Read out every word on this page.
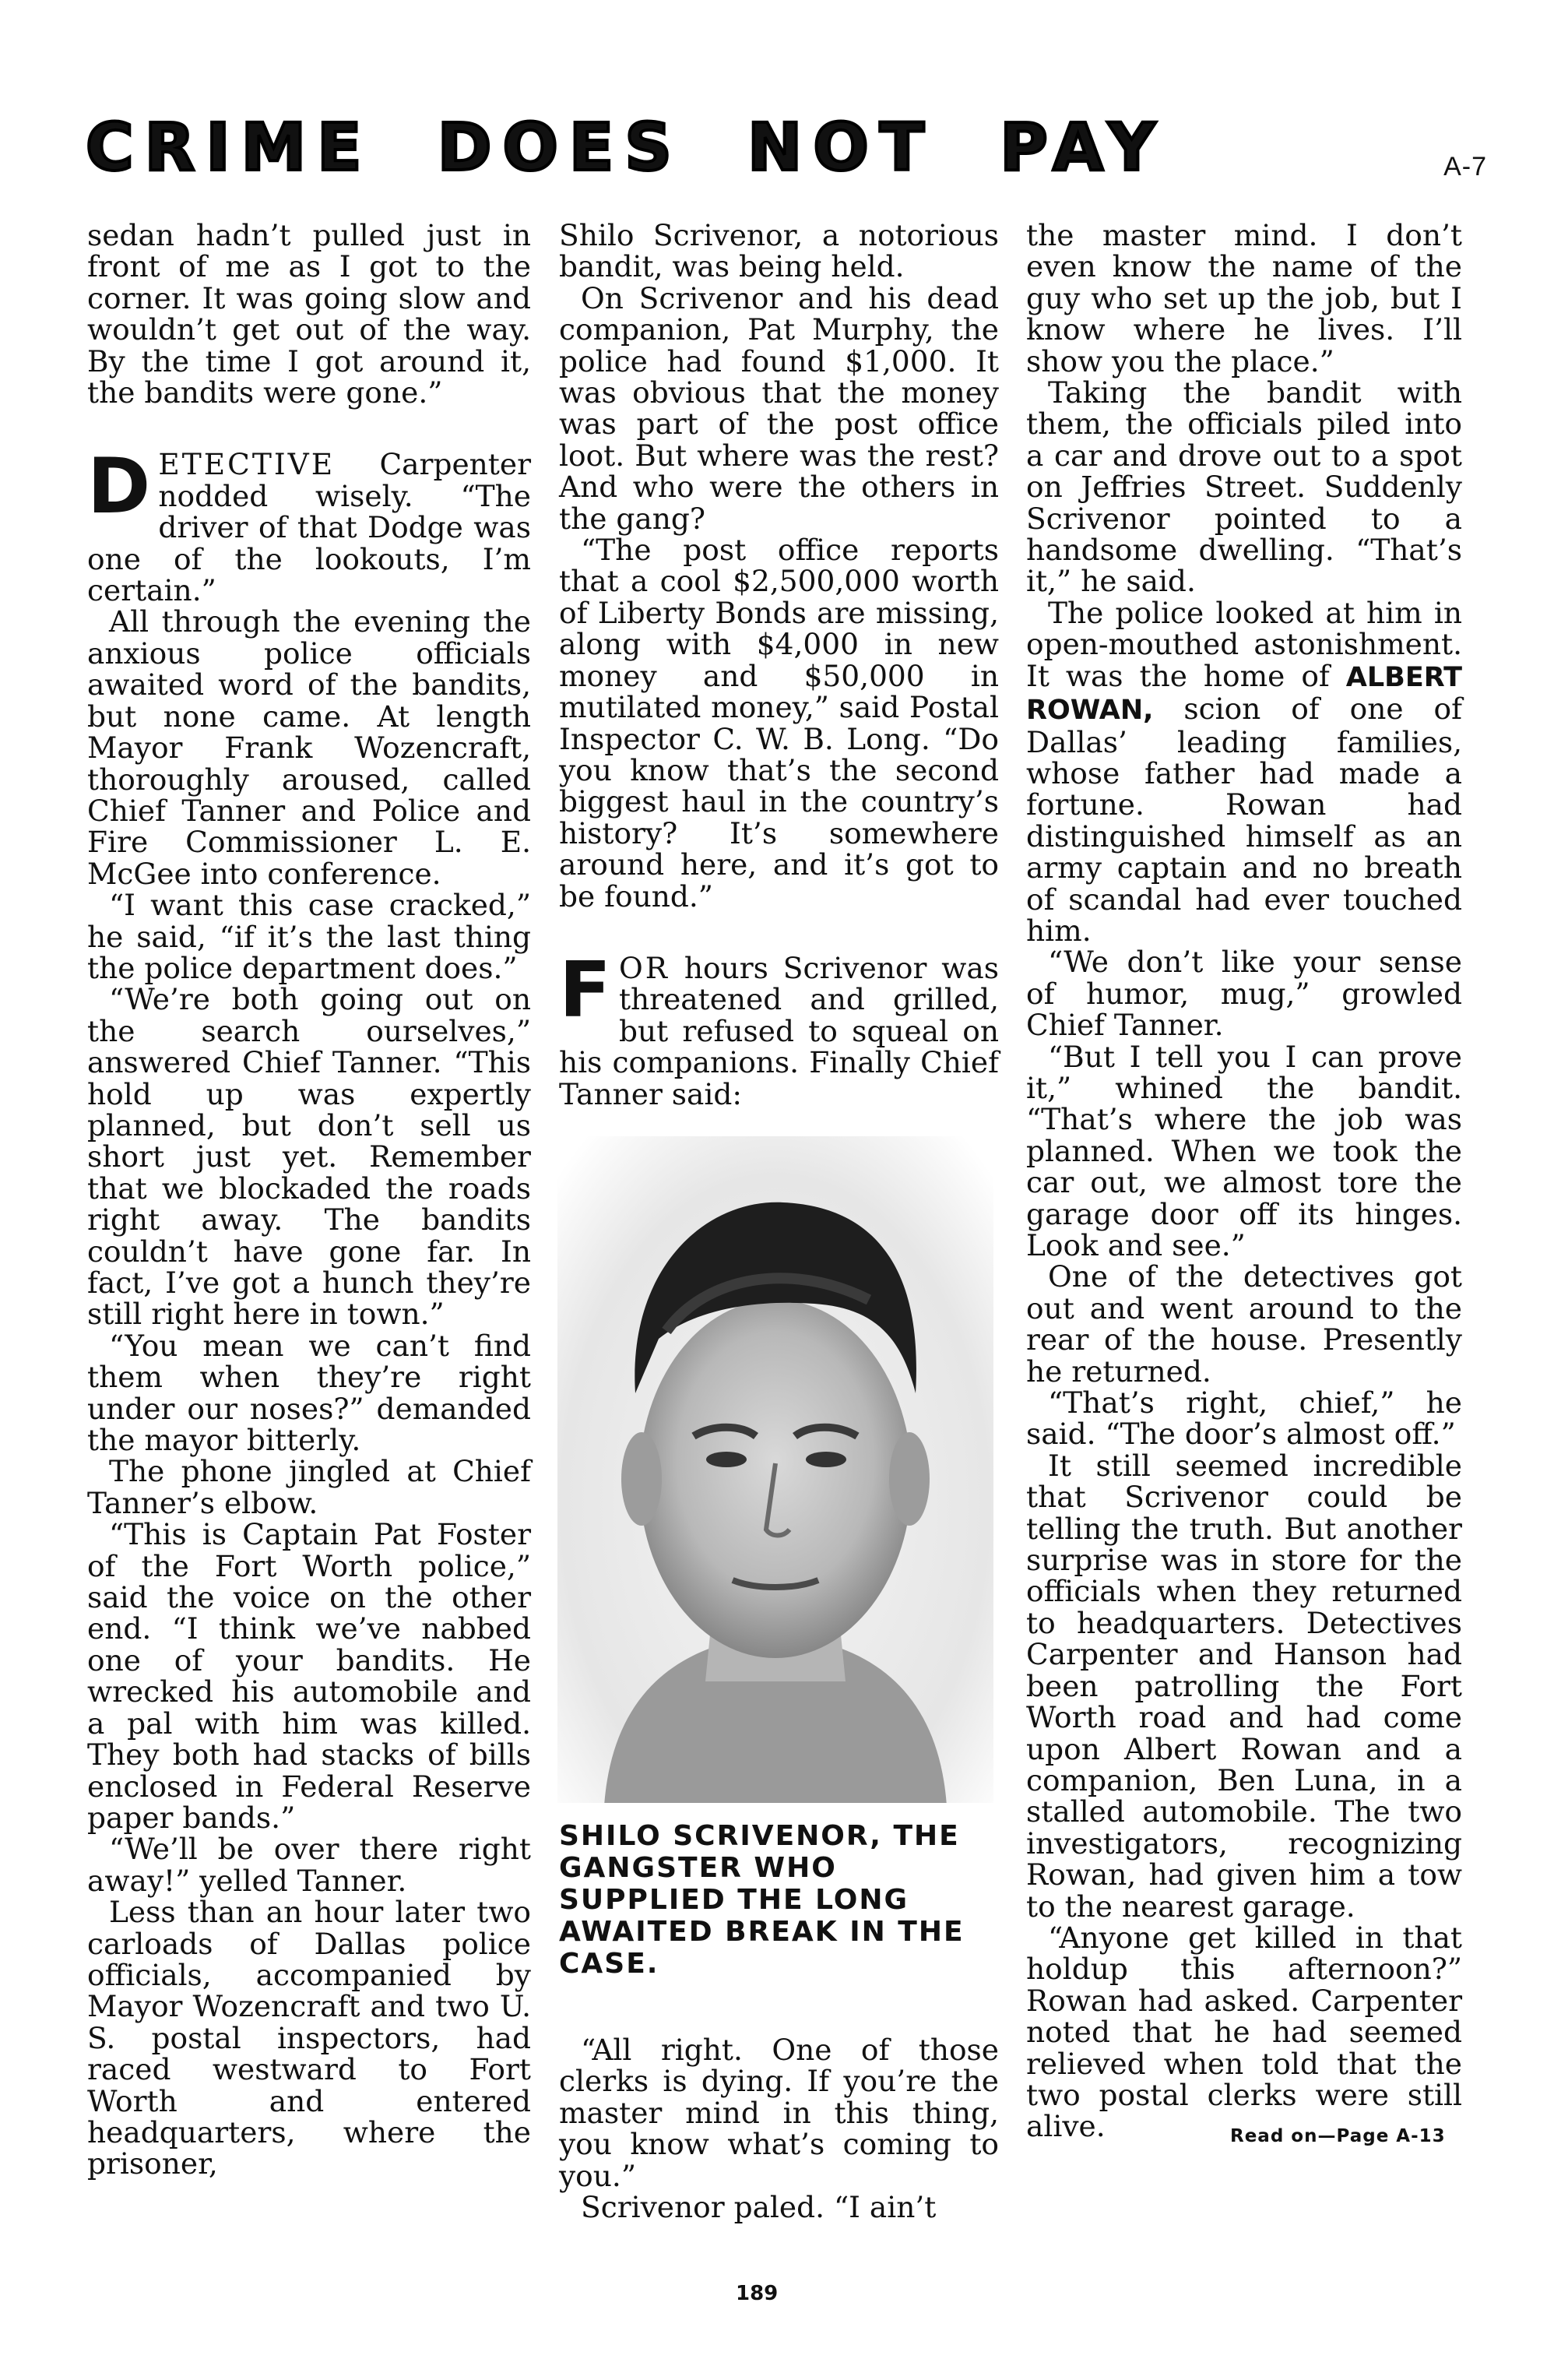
CRIME DOES NOT PAY	A-7

sedan hadn’t pulled just in front of me as I got to the corner. It was going slow and wouldn’t get out of the way. By the time I got around it, the bandits were gone.”

DETECTIVE Carpenter nodded wisely. “The driver of that Dodge was one of the lookouts, I’m certain.”

All through the evening the anxious police officials awaited word of the bandits, but none came. At length Mayor Frank Wozencraft, thoroughly aroused, called Chief Tanner and Police and Fire Commissioner L. E. McGee into conference.

“I want this case cracked,” he said, “if it’s the last thing the police department does.”

“We’re both going out on the search ourselves,” answered Chief Tanner. “This hold up was expertly planned, but don’t sell us short just yet. Remember that we blockaded the roads right away. The bandits couldn’t have gone far. In fact, I’ve got a hunch they’re still right here in town.”

“You mean we can’t find them when they’re right under our noses?” demanded the mayor bitterly.

The phone jingled at Chief Tanner’s elbow.

“This is Captain Pat Foster of the Fort Worth police,” said the voice on the other end. “I think we’ve nabbed one of your bandits. He wrecked his automobile and a pal with him was killed. They both had stacks of bills enclosed in Federal Reserve paper bands.”

“We’ll be over there right away!” yelled Tanner.

Less than an hour later two carloads of Dallas police officials, accompanied by Mayor Wozencraft and two U. S. postal inspectors, had raced westward to Fort Worth and entered headquarters, where the prisoner,

Shilo Scrivenor, a notorious bandit, was being held.

On Scrivenor and his dead companion, Pat Murphy, the police had found $1,000. It was obvious that the money was part of the post office loot. But where was the rest? And who were the others in the gang?

“The post office reports that a cool $2,500,000 worth of Liberty Bonds are missing, along with $4,000 in new money and $50,000 in mutilated money,” said Postal Inspector C. W. B. Long. “Do you know that’s the second biggest haul in the country’s history? It’s somewhere around here, and it’s got to be found.”

FOR hours Scrivenor was threatened and grilled, but refused to squeal on his companions. Finally Chief Tanner said:

SHILO SCRIVENOR, THE GANGSTER WHO SUPPLIED THE LONG AWAITED BREAK IN THE CASE.

“All right. One of those clerks is dying. If you’re the master mind in this thing, you know what’s coming to you.”

Scrivenor paled. “I ain’t

the master mind. I don’t even know the name of the guy who set up the job, but I know where he lives. I’ll show you the place.”

Taking the bandit with them, the officials piled into a car and drove out to a spot on Jeffries Street. Suddenly Scrivenor pointed to a handsome dwelling. “That’s it,” he said.

The police looked at him in open-mouthed astonishment. It was the home of ALBERT ROWAN, scion of one of Dallas’ leading families, whose father had made a fortune. Rowan had distinguished himself as an army captain and no breath of scandal had ever touched him.

“We don’t like your sense of humor, mug,” growled Chief Tanner.

“But I tell you I can prove it,” whined the bandit. “That’s where the job was planned. When we took the car out, we almost tore the garage door off its hinges. Look and see.”

One of the detectives got out and went around to the rear of the house. Presently he returned.

“That’s right, chief,” he said. “The door’s almost off.”

It still seemed incredible that Scrivenor could be telling the truth. But another surprise was in store for the officials when they returned to headquarters. Detectives Carpenter and Hanson had been patrolling the Fort Worth road and had come upon Albert Rowan and a companion, Ben Luna, in a stalled automobile. The two investigators, recognizing Rowan, had given him a tow to the nearest garage.

“Anyone get killed in that holdup this afternoon?” Rowan had asked. Carpenter noted that he had seemed relieved when told that the two postal clerks were still alive.	Read on—Page A-13
189
